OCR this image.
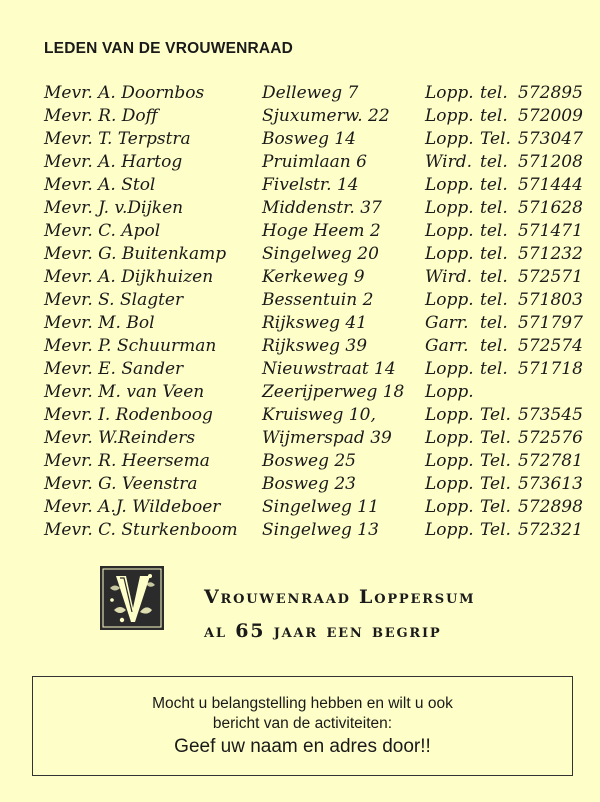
LEDEN VAN DE VROUWENRAAD
Mevr. A. Doornbos	Delleweg 7	Lopp. tel. 572895
Mevr. R. Doff	Sjuxumerw. 22 Lopp. tel. 572009
Mevr. T. Terpstra	Bosweg 14	Lopp. Tel. 573047
Mevr. A. Hartog	Pruimlaan 6	Wird. tel. 571208
Mevr. A. Stol	Fivelstr. 14	Lopp. tel. 571444
Mevr. J. v.Dijken	Middenstr. 37	Lopp. tel. 571628
Mevr. C. Apol	Hoge Heem 2	Lopp. tel. 571471
Mevr. G. Buitenkamp Singelweg 20	Lopp. tel. 571232
Mevr. A. Dijkhuizen	Kerkeweg 9	Wird. tel. 572571
Mevr. S. Slagter	Bessentuin 2	Lopp. tel. 571803
Mevr. M. Bol	Rijksweg 41	Garr. tel. 571797
Mevr. P. Schuurman	Rijksweg 39	Garr. tel. 572574
Mevr. E. Sander	Nieuwstraat 14 Lopp. tel. 571718
Mevr. M. van Veen	Zeerijperweg 18 Lopp.
Mevr. I. Rodenboog	Kruisweg 10,	Lopp. Tel. 573545
Mevr. W.Reinders	Wijmerspad 39 Lopp. Tel. 572576
Mevr. R. Heersema	Bosweg 25	Lopp. Tel. 572781
Mevr. G. Veenstra	Bosweg 23	Lopp. Tel. 573613
Mevr. A.J. Wildeboer Singelweg 11	Lopp. Tel. 572898
Mevr. C. Sturkenboom Singelweg 13	Lopp. Tel. 572321
Vrouwenraad Loppersum
al 65 jaar een begrip
Mocht u belangstelling hebben en wilt u ook
bericht van de activiteiten:
Geef uw naam en adres door!!
